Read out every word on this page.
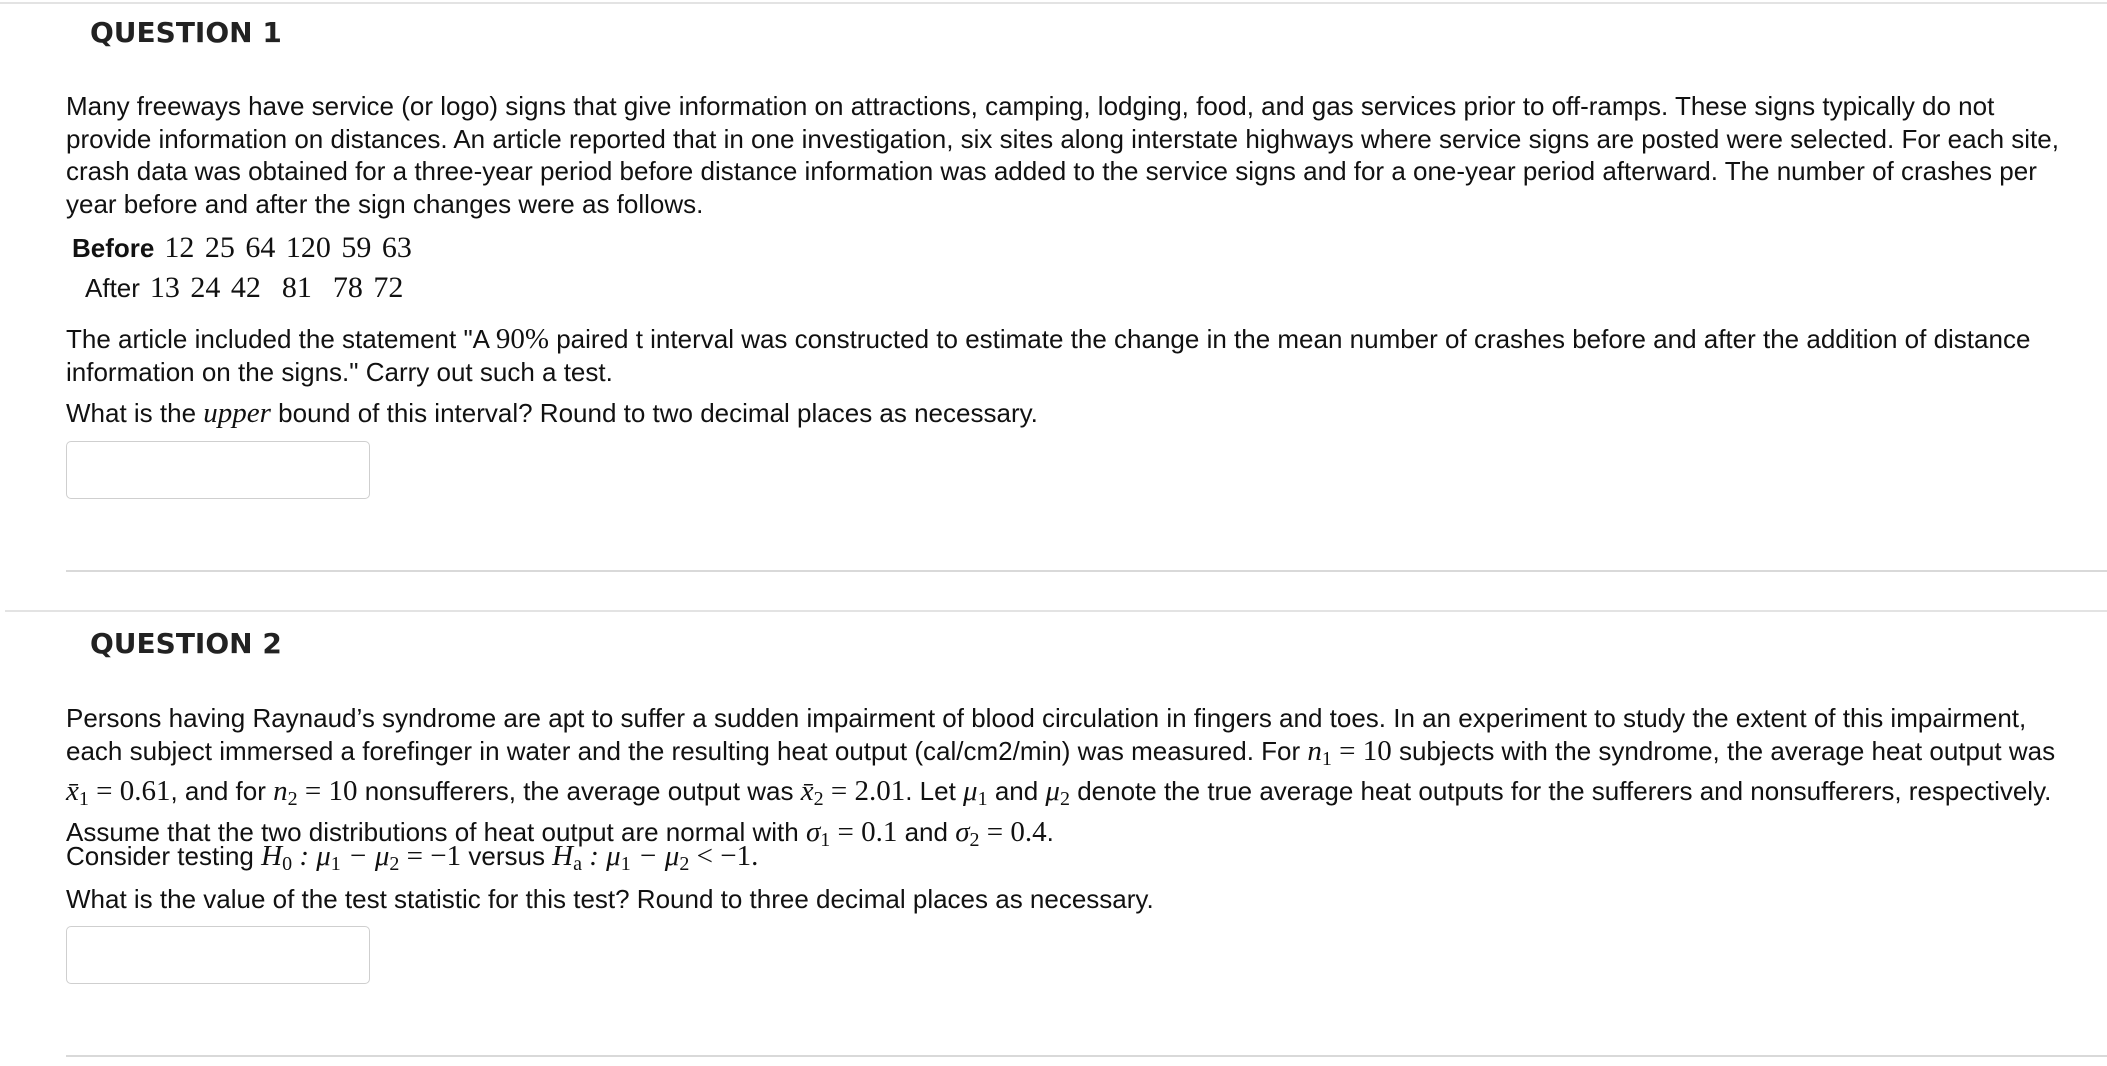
QUESTION 1
Many freeways have service (or logo) signs that give information on attractions, camping, lodging, food, and gas services prior to off-ramps. These signs typically do not provide information on distances. An article reported that in one investigation, six sites along interstate highways where service signs are posted were selected. For each site, crash data was obtained for a three-year period before distance information was added to the service signs and for a one-year period afterward. The number of crashes per year before and after the sign changes were as follows.
Before 12 25 64 120 59 63
After 13 24 42  81  78 72
The article included the statement "A 90% paired t interval was constructed to estimate the change in the mean number of crashes before and after the addition of distance information on the signs." Carry out such a test.
What is the upper bound of this interval? Round to two decimal places as necessary.
QUESTION 2
Persons having Raynaud’s syndrome are apt to suffer a sudden impairment of blood circulation in fingers and toes. In an experiment to study the extent of this impairment, each subject immersed a forefinger in water and the resulting heat output (cal/cm2/min) was measured. For $n_1 = 10$ subjects with the syndrome, the average heat output was $x̄_1 = 0.61$, and for $n_2 = 10$ nonsufferers, the average output was $x̄_2 = 2.01$. Let $\mu_1$ and $\mu_2$ denote the true average heat outputs for the sufferers and nonsufferers, respectively. Assume that the two distributions of heat output are normal with $\sigma_1 = 0.1$ and $\sigma_2 = 0.4$.
Consider testing $H_0$ : $\mu_1 - \mu_2 = -1$ versus $H_a$ : $\mu_1 - \mu_2 < -1$.
What is the value of the test statistic for this test? Round to three decimal places as necessary.
